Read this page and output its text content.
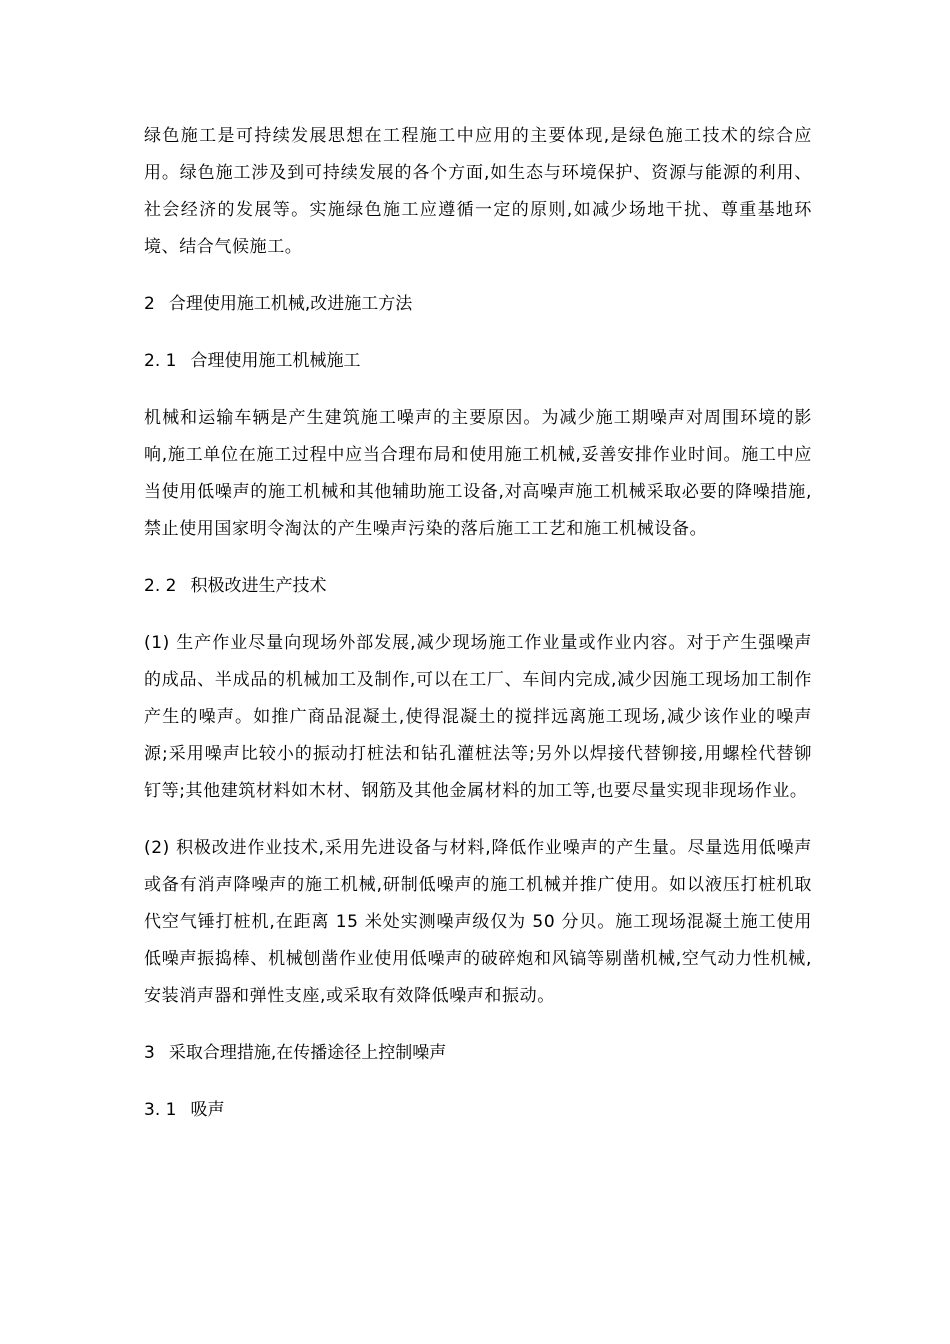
绿色施工是可持续发展思想在工程施工中应用的主要体现,是绿色施工技术的综合应用。绿色施工涉及到可持续发展的各个方面,如生态与环境保护、资源与能源的利用、社会经济的发展等。实施绿色施工应遵循一定的原则,如减少场地干扰、尊重基地环境、结合气候施工。

2 合理使用施工机械,改进施工方法
2. 1 合理使用施工机械施工

机械和运输车辆是产生建筑施工噪声的主要原因。为减少施工期噪声对周围环境的影响,施工单位在施工过程中应当合理布局和使用施工机械,妥善安排作业时间。施工中应当使用低噪声的施工机械和其他辅助施工设备,对高噪声施工机械采取必要的降噪措施,禁止使用国家明令淘汰的产生噪声污染的落后施工工艺和施工机械设备。

2. 2 积极改进生产技术

(1) 生产作业尽量向现场外部发展,减少现场施工作业量或作业内容。对于产生强噪声的成品、半成品的机械加工及制作,可以在工厂、车间内完成,减少因施工现场加工制作产生的噪声。如推广商品混凝土,使得混凝土的搅拌远离施工现场,减少该作业的噪声源;采用噪声比较小的振动打桩法和钻孔灌桩法等;另外以焊接代替铆接,用螺栓代替铆钉等;其他建筑材料如木材、钢筋及其他金属材料的加工等,也要尽量实现非现场作业。

(2) 积极改进作业技术,采用先进设备与材料,降低作业噪声的产生量。尽量选用低噪声或备有消声降噪声的施工机械,研制低噪声的施工机械并推广使用。如以液压打桩机取代空气锤打桩机,在距离 15 米处实测噪声级仅为 50 分贝。施工现场混凝土施工使用低噪声振捣棒、机械刨凿作业使用低噪声的破碎炮和风镐等剔凿机械,空气动力性机械,安装消声器和弹性支座,或采取有效降低噪声和振动。

3 采取合理措施,在传播途径上控制噪声
3. 1 吸声
